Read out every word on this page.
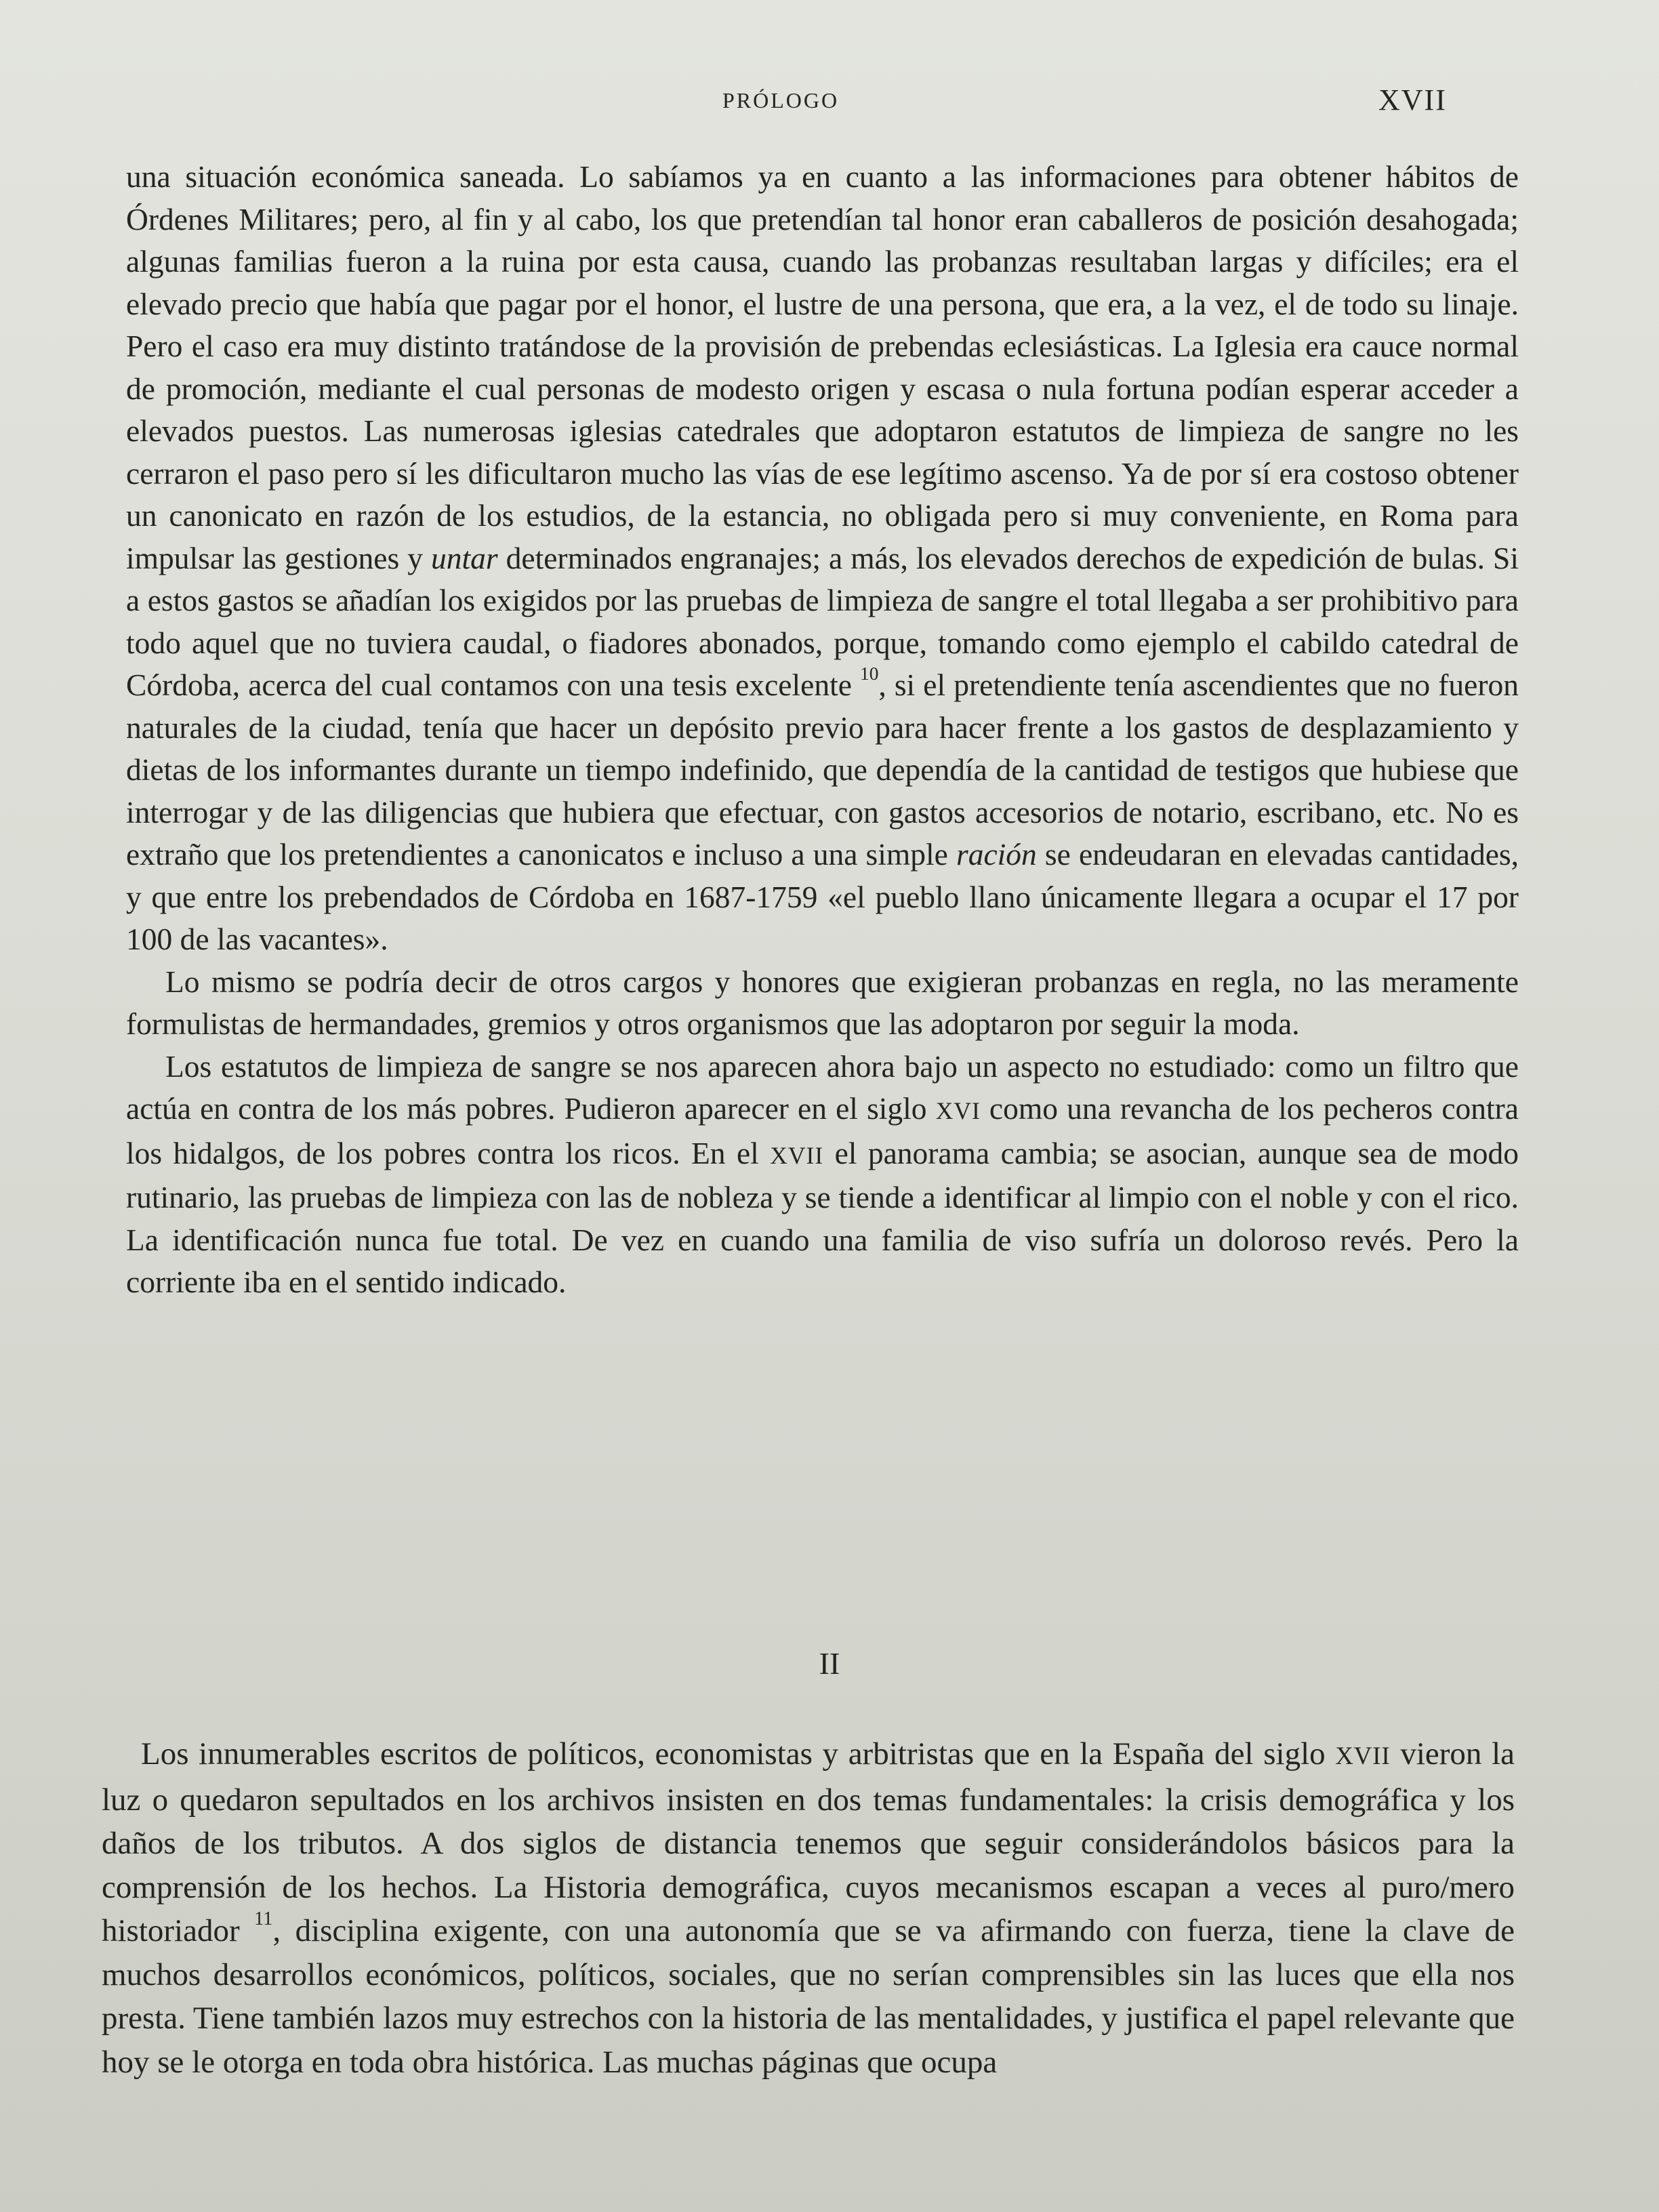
PRÓLOGO	XVII

una situación económica saneada. Lo sabíamos ya en cuanto a las informaciones para obtener hábitos de Órdenes Militares; pero, al fin y al cabo, los que pretendían tal honor eran caballeros de posición desahogada; algunas familias fueron a la ruina por esta causa, cuando las probanzas resultaban largas y difíciles; era el elevado precio que había que pagar por el honor, el lustre de una persona, que era, a la vez, el de todo su linaje. Pero el caso era muy distinto tratándose de la provisión de prebendas eclesiásticas. La Iglesia era cauce normal de promoción, mediante el cual personas de modesto origen y escasa o nula fortuna podían esperar acceder a elevados puestos. Las numerosas iglesias catedrales que adoptaron estatutos de limpieza de sangre no les cerraron el paso pero sí les dificultaron mucho las vías de ese legítimo ascenso. Ya de por sí era costoso obtener un canonicato en razón de los estudios, de la estancia, no obligada pero si muy conveniente, en Roma para impulsar las gestiones y untar determinados engranajes; a más, los elevados derechos de expedición de bulas. Si a estos gastos se añadían los exigidos por las pruebas de limpieza de sangre el total llegaba a ser prohibitivo para todo aquel que no tuviera caudal, o fiadores abonados, porque, tomando como ejemplo el cabildo catedral de Córdoba, acerca del cual contamos con una tesis excelente $^{10}$, si el pretendiente tenía ascendientes que no fueron naturales de la ciudad, tenía que hacer un depósito previo para hacer frente a los gastos de desplazamiento y dietas de los informantes durante un tiempo indefinido, que dependía de la cantidad de testigos que hubiese que interrogar y de las diligencias que hubiera que efectuar, con gastos accesorios de notario, escribano, etc. No es extraño que los pretendientes a canonicatos e incluso a una simple ración se endeudaran en elevadas cantidades, y que entre los prebendados de Córdoba en 1687-1759 «el pueblo llano únicamente llegara a ocupar el 17 por 100 de las vacantes».

Lo mismo se podría decir de otros cargos y honores que exigieran probanzas en regla, no las meramente formulistas de hermandades, gremios y otros organismos que las adoptaron por seguir la moda.

Los estatutos de limpieza de sangre se nos aparecen ahora bajo un aspecto no estudiado: como un filtro que actúa en contra de los más pobres. Pudieron aparecer en el siglo XVI como una revancha de los pecheros contra los hidalgos, de los pobres contra los ricos. En el XVII el panorama cambia; se asocian, aunque sea de modo rutinario, las pruebas de limpieza con las de nobleza y se tiende a identificar al limpio con el noble y con el rico. La identificación nunca fue total. De vez en cuando una familia de viso sufría un doloroso revés. Pero la corriente iba en el sentido indicado.

II

Los innumerables escritos de políticos, economistas y arbitristas que en la España del siglo XVII vieron la luz o quedaron sepultados en los archivos insisten en dos temas fundamentales: la crisis demográfica y los daños de los tributos. A dos siglos de distancia tenemos que seguir considerándolos básicos para la comprensión de los hechos. La Historia demográfica, cuyos mecanismos escapan a veces al puro/mero historiador $^{11}$, disciplina exigente, con una autonomía que se va afirmando con fuerza, tiene la clave de muchos desarrollos económicos, políticos, sociales, que no serían comprensibles sin las luces que ella nos presta. Tiene también lazos muy estrechos con la historia de las mentalidades, y justifica el papel relevante que hoy se le otorga en toda obra histórica. Las muchas páginas que ocupa
